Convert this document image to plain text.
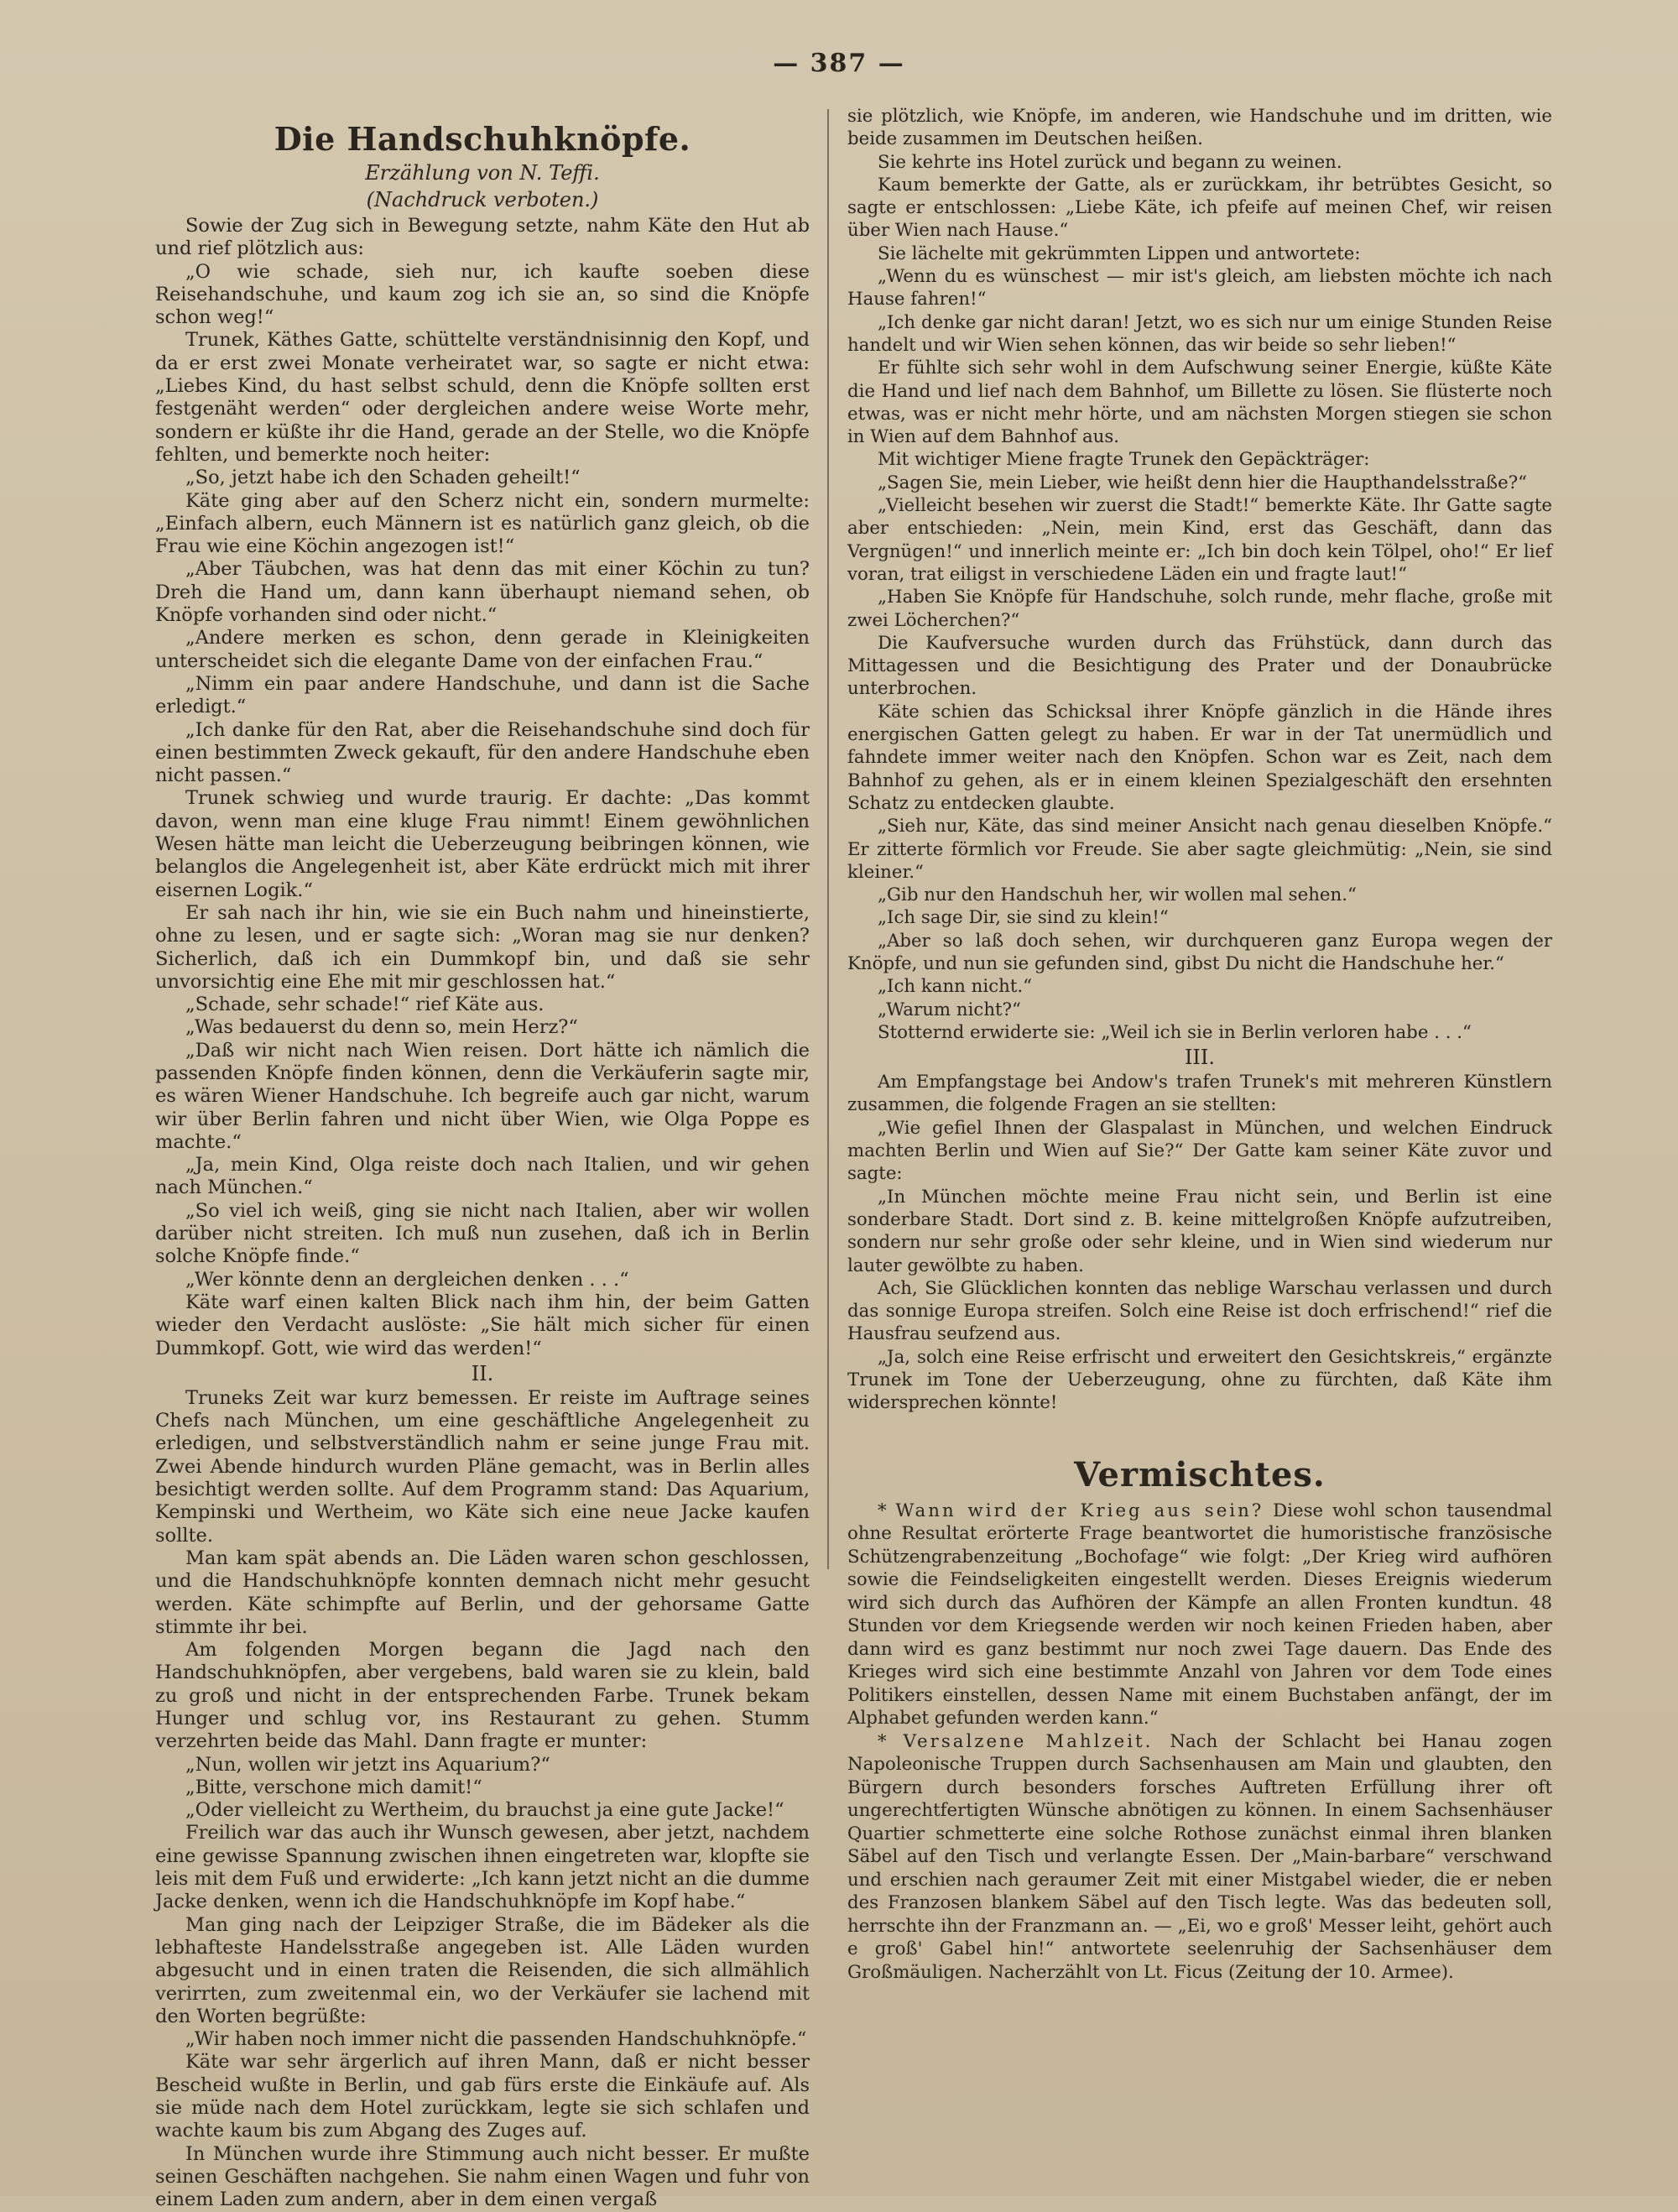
— 387 —
Die Handschuhknöpfe.
Erzählung von N. Teffi.
(Nachdruck verboten.)

Sowie der Zug sich in Bewegung setzte, nahm Käte den Hut ab und rief plötzlich aus:

„O wie schade, sieh nur, ich kaufte soeben diese Reisehandschuhe, und kaum zog ich sie an, so sind die Knöpfe schon weg!“

Trunek, Käthes Gatte, schüttelte verständnisinnig den Kopf, und da er erst zwei Monate verheiratet war, so sagte er nicht etwa: „Liebes Kind, du hast selbst schuld, denn die Knöpfe sollten erst festgenäht werden“ oder dergleichen andere weise Worte mehr, sondern er küßte ihr die Hand, gerade an der Stelle, wo die Knöpfe fehlten, und bemerkte noch heiter:

„So, jetzt habe ich den Schaden geheilt!“

Käte ging aber auf den Scherz nicht ein, sondern murmelte: „Einfach albern, euch Männern ist es natürlich ganz gleich, ob die Frau wie eine Köchin angezogen ist!“

„Aber Täubchen, was hat denn das mit einer Köchin zu tun? Dreh die Hand um, dann kann überhaupt niemand sehen, ob Knöpfe vorhanden sind oder nicht.“

„Andere merken es schon, denn gerade in Kleinigkeiten unterscheidet sich die elegante Dame von der einfachen Frau.“

„Nimm ein paar andere Handschuhe, und dann ist die Sache erledigt.“

„Ich danke für den Rat, aber die Reisehandschuhe sind doch für einen bestimmten Zweck gekauft, für den andere Handschuhe eben nicht passen.“

Trunek schwieg und wurde traurig. Er dachte: „Das kommt davon, wenn man eine kluge Frau nimmt! Einem gewöhnlichen Wesen hätte man leicht die Ueberzeugung beibringen können, wie belanglos die Angelegenheit ist, aber Käte erdrückt mich mit ihrer eisernen Logik.“

Er sah nach ihr hin, wie sie ein Buch nahm und hineinstierte, ohne zu lesen, und er sagte sich: „Woran mag sie nur denken? Sicherlich, daß ich ein Dummkopf bin, und daß sie sehr unvorsichtig eine Ehe mit mir geschlossen hat.“

„Schade, sehr schade!“ rief Käte aus.

„Was bedauerst du denn so, mein Herz?“

„Daß wir nicht nach Wien reisen. Dort hätte ich nämlich die passenden Knöpfe finden können, denn die Verkäuferin sagte mir, es wären Wiener Handschuhe. Ich begreife auch gar nicht, warum wir über Berlin fahren und nicht über Wien, wie Olga Poppe es machte.“

„Ja, mein Kind, Olga reiste doch nach Italien, und wir gehen nach München.“

„So viel ich weiß, ging sie nicht nach Italien, aber wir wollen darüber nicht streiten. Ich muß nun zusehen, daß ich in Berlin solche Knöpfe finde.“

„Wer könnte denn an dergleichen denken . . .“

Käte warf einen kalten Blick nach ihm hin, der beim Gatten wieder den Verdacht auslöste: „Sie hält mich sicher für einen Dummkopf. Gott, wie wird das werden!“

II.

Truneks Zeit war kurz bemessen. Er reiste im Auftrage seines Chefs nach München, um eine geschäftliche Angelegenheit zu erledigen, und selbstverständlich nahm er seine junge Frau mit. Zwei Abende hindurch wurden Pläne gemacht, was in Berlin alles besichtigt werden sollte. Auf dem Programm stand: Das Aquarium, Kempinski und Wertheim, wo Käte sich eine neue Jacke kaufen sollte.

Man kam spät abends an. Die Läden waren schon geschlossen, und die Handschuhknöpfe konnten demnach nicht mehr gesucht werden. Käte schimpfte auf Berlin, und der gehorsame Gatte stimmte ihr bei.

Am folgenden Morgen begann die Jagd nach den Handschuhknöpfen, aber vergebens, bald waren sie zu klein, bald zu groß und nicht in der entsprechenden Farbe. Trunek bekam Hunger und schlug vor, ins Restaurant zu gehen. Stumm verzehrten beide das Mahl. Dann fragte er munter:

„Nun, wollen wir jetzt ins Aquarium?“

„Bitte, verschone mich damit!“

„Oder vielleicht zu Wertheim, du brauchst ja eine gute Jacke!“

Freilich war das auch ihr Wunsch gewesen, aber jetzt, nachdem eine gewisse Spannung zwischen ihnen eingetreten war, klopfte sie leis mit dem Fuß und erwiderte: „Ich kann jetzt nicht an die dumme Jacke denken, wenn ich die Handschuhknöpfe im Kopf habe.“

Man ging nach der Leipziger Straße, die im Bädeker als die lebhafteste Handelsstraße angegeben ist. Alle Läden wurden abgesucht und in einen traten die Reisenden, die sich allmählich verirrten, zum zweitenmal ein, wo der Verkäufer sie lachend mit den Worten begrüßte:

„Wir haben noch immer nicht die passenden Handschuhknöpfe.“

Käte war sehr ärgerlich auf ihren Mann, daß er nicht besser Bescheid wußte in Berlin, und gab fürs erste die Einkäufe auf. Als sie müde nach dem Hotel zurückkam, legte sie sich schlafen und wachte kaum bis zum Abgang des Zuges auf.

In München wurde ihre Stimmung auch nicht besser. Er mußte seinen Geschäften nachgehen. Sie nahm einen Wagen und fuhr von einem Laden zum andern, aber in dem einen vergaß

sie plötzlich, wie Knöpfe, im anderen, wie Handschuhe und im dritten, wie beide zusammen im Deutschen heißen.

Sie kehrte ins Hotel zurück und begann zu weinen.

Kaum bemerkte der Gatte, als er zurückkam, ihr betrübtes Gesicht, so sagte er entschlossen: „Liebe Käte, ich pfeife auf meinen Chef, wir reisen über Wien nach Hause.“

Sie lächelte mit gekrümmten Lippen und antwortete:

„Wenn du es wünschest — mir ist's gleich, am liebsten möchte ich nach Hause fahren!“

„Ich denke gar nicht daran! Jetzt, wo es sich nur um einige Stunden Reise handelt und wir Wien sehen können, das wir beide so sehr lieben!“

Er fühlte sich sehr wohl in dem Aufschwung seiner Energie, küßte Käte die Hand und lief nach dem Bahnhof, um Billette zu lösen. Sie flüsterte noch etwas, was er nicht mehr hörte, und am nächsten Morgen stiegen sie schon in Wien auf dem Bahnhof aus.

Mit wichtiger Miene fragte Trunek den Gepäckträger:

„Sagen Sie, mein Lieber, wie heißt denn hier die Haupthandelsstraße?“

„Vielleicht besehen wir zuerst die Stadt!“ bemerkte Käte. Ihr Gatte sagte aber entschieden: „Nein, mein Kind, erst das Geschäft, dann das Vergnügen!“ und innerlich meinte er: „Ich bin doch kein Tölpel, oho!“ Er lief voran, trat eiligst in verschiedene Läden ein und fragte laut!“

„Haben Sie Knöpfe für Handschuhe, solch runde, mehr flache, große mit zwei Löcherchen?“

Die Kaufversuche wurden durch das Frühstück, dann durch das Mittagessen und die Besichtigung des Prater und der Donaubrücke unterbrochen.

Käte schien das Schicksal ihrer Knöpfe gänzlich in die Hände ihres energischen Gatten gelegt zu haben. Er war in der Tat unermüdlich und fahndete immer weiter nach den Knöpfen. Schon war es Zeit, nach dem Bahnhof zu gehen, als er in einem kleinen Spezialgeschäft den ersehnten Schatz zu entdecken glaubte.

„Sieh nur, Käte, das sind meiner Ansicht nach genau dieselben Knöpfe.“ Er zitterte förmlich vor Freude. Sie aber sagte gleichmütig: „Nein, sie sind kleiner.“

„Gib nur den Handschuh her, wir wollen mal sehen.“

„Ich sage Dir, sie sind zu klein!“

„Aber so laß doch sehen, wir durchqueren ganz Europa wegen der Knöpfe, und nun sie gefunden sind, gibst Du nicht die Handschuhe her.“

„Ich kann nicht.“

„Warum nicht?“

Stotternd erwiderte sie: „Weil ich sie in Berlin verloren habe . . .“

III.

Am Empfangstage bei Andow's trafen Trunek's mit mehreren Künstlern zusammen, die folgende Fragen an sie stellten:

„Wie gefiel Ihnen der Glaspalast in München, und welchen Eindruck machten Berlin und Wien auf Sie?“ Der Gatte kam seiner Käte zuvor und sagte:

„In München möchte meine Frau nicht sein, und Berlin ist eine sonderbare Stadt. Dort sind z. B. keine mittelgroßen Knöpfe aufzutreiben, sondern nur sehr große oder sehr kleine, und in Wien sind wiederum nur lauter gewölbte zu haben.

Ach, Sie Glücklichen konnten das neblige Warschau verlassen und durch das sonnige Europa streifen. Solch eine Reise ist doch erfrischend!“ rief die Hausfrau seufzend aus.

„Ja, solch eine Reise erfrischt und erweitert den Gesichtskreis,“ ergänzte Trunek im Tone der Ueberzeugung, ohne zu fürchten, daß Käte ihm widersprechen könnte!

Vermischtes.

* Wann wird der Krieg aus sein? Diese wohl schon tausendmal ohne Resultat erörterte Frage beantwortet die humoristische französische Schützengrabenzeitung „Bochofage“ wie folgt: „Der Krieg wird aufhören sowie die Feindseligkeiten eingestellt werden. Dieses Ereignis wiederum wird sich durch das Aufhören der Kämpfe an allen Fronten kundtun. 48 Stunden vor dem Kriegsende werden wir noch keinen Frieden haben, aber dann wird es ganz bestimmt nur noch zwei Tage dauern. Das Ende des Krieges wird sich eine bestimmte Anzahl von Jahren vor dem Tode eines Politikers einstellen, dessen Name mit einem Buchstaben anfängt, der im Alphabet gefunden werden kann.“

* Versalzene Mahlzeit. Nach der Schlacht bei Hanau zogen Napoleonische Truppen durch Sachsenhausen am Main und glaubten, den Bürgern durch besonders forsches Auftreten Erfüllung ihrer oft ungerechtfertigten Wünsche abnötigen zu können. In einem Sachsenhäuser Quartier schmetterte eine solche Rothose zunächst einmal ihren blanken Säbel auf den Tisch und verlangte Essen. Der „Main-barbare“ verschwand und erschien nach geraumer Zeit mit einer Mistgabel wieder, die er neben des Franzosen blankem Säbel auf den Tisch legte. Was das bedeuten soll, herrschte ihn der Franzmann an. — „Ei, wo e groß' Messer leiht, gehört auch e groß' Gabel hin!“ antwortete seelenruhig der Sachsenhäuser dem Großmäuligen. Nacherzählt von Lt. Ficus (Zeitung der 10. Armee).
